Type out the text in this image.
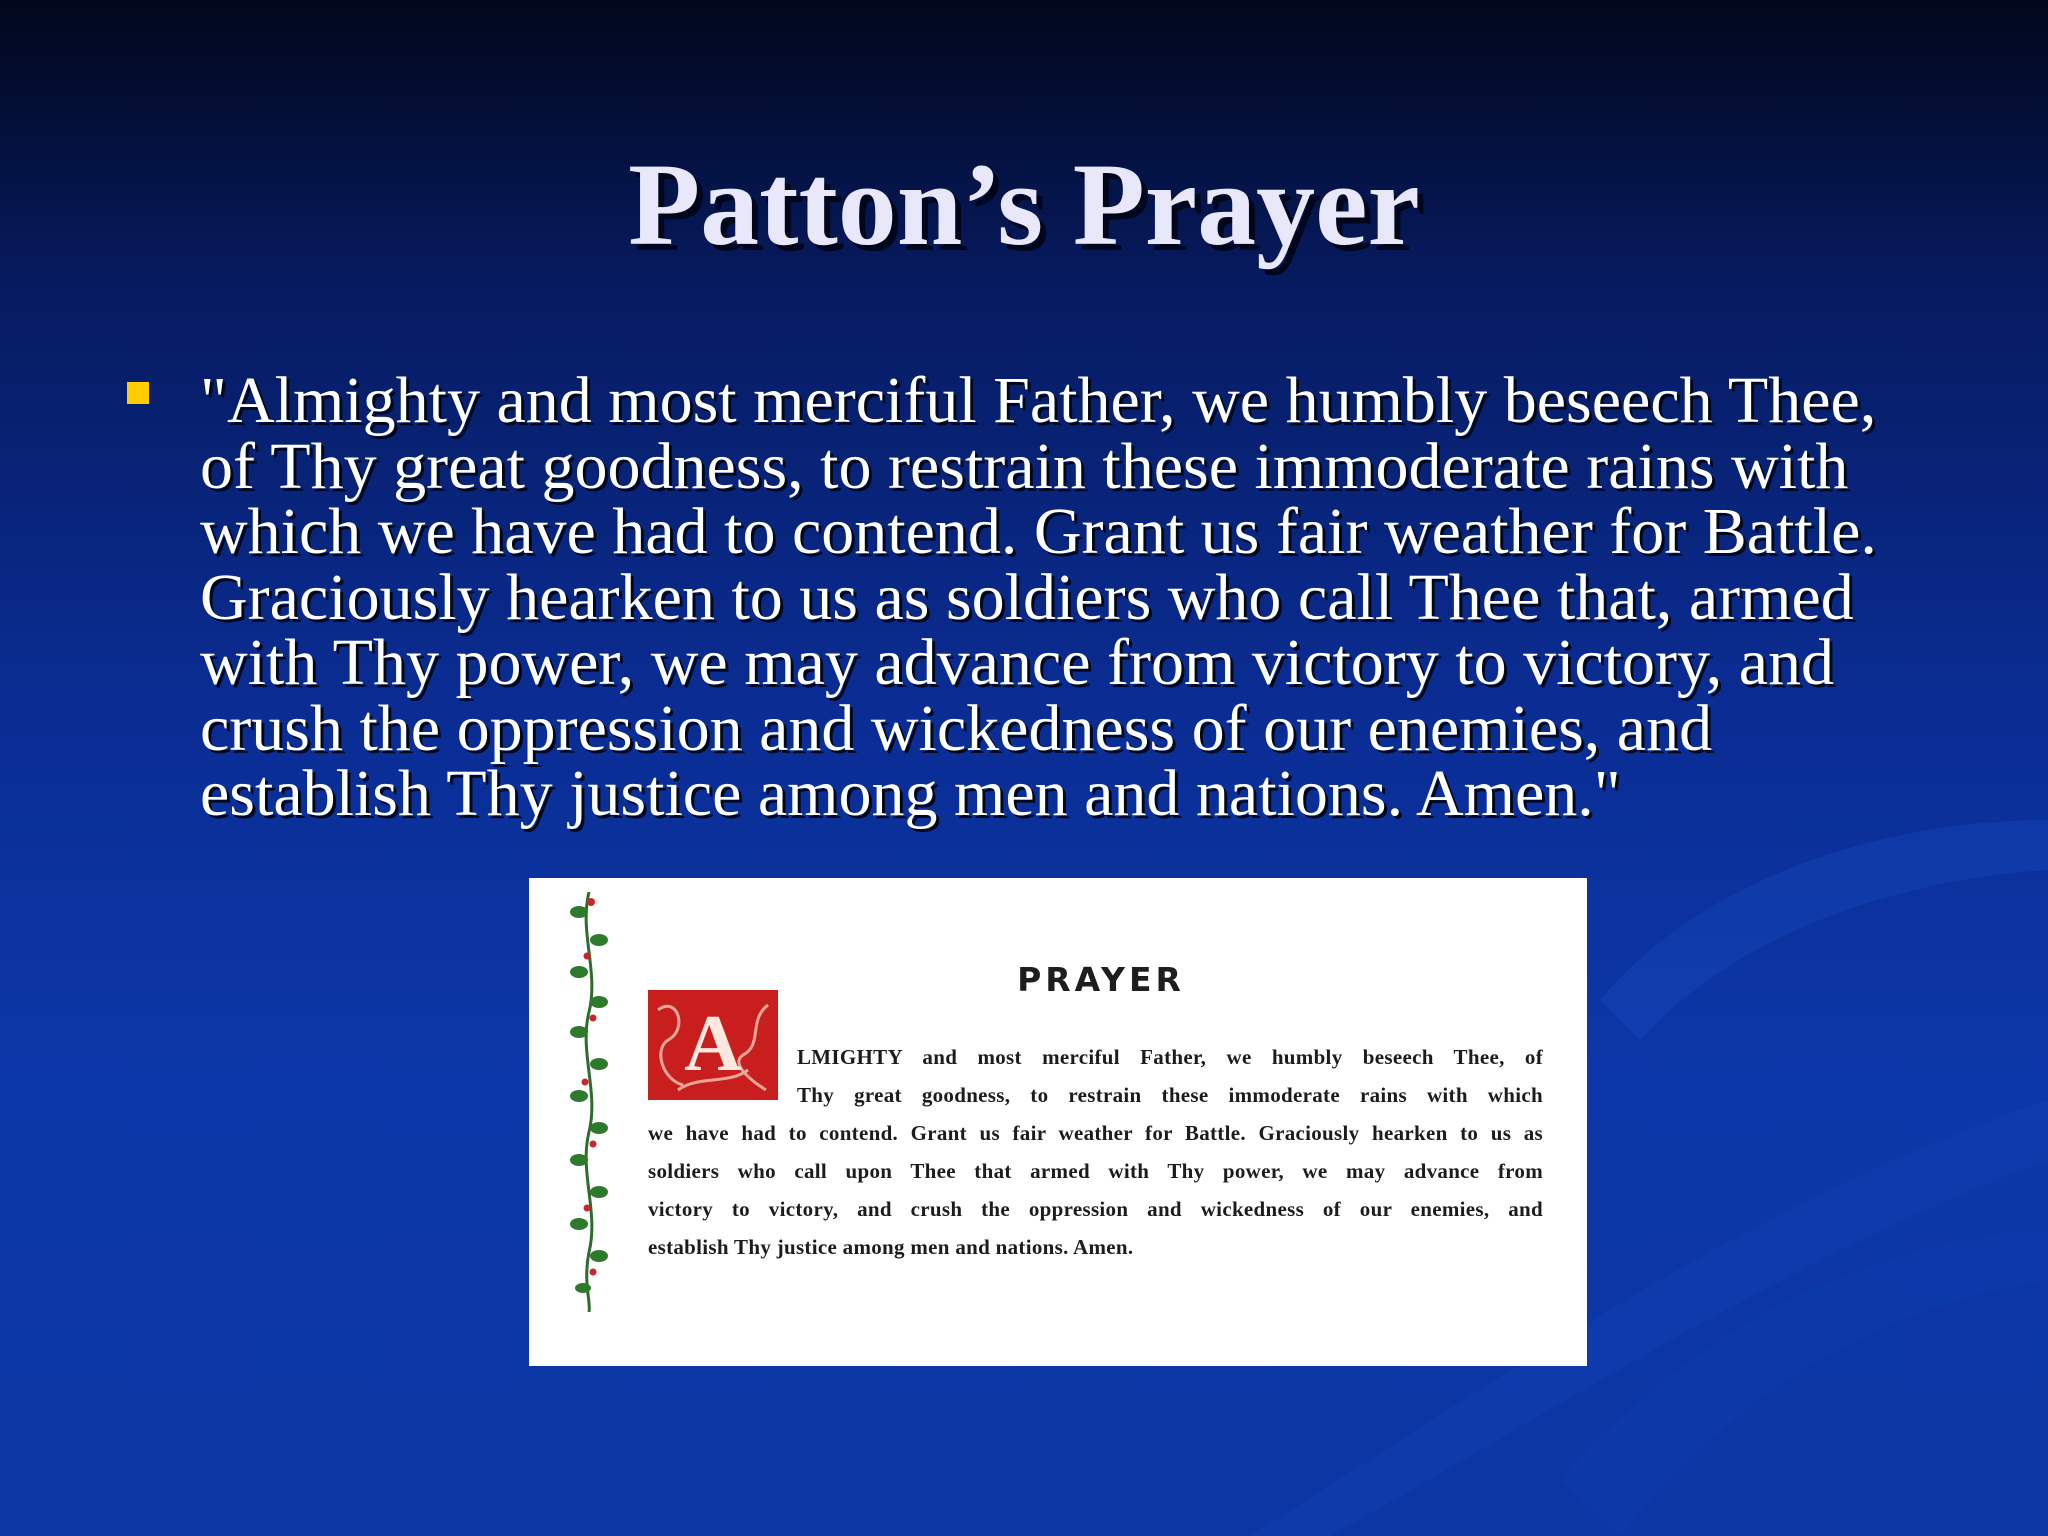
Patton’s Prayer

"Almighty and most merciful Father, we humbly beseech Thee, of Thy great goodness, to restrain these immoderate rains with which we have had to contend. Grant us fair weather for Battle. Graciously hearken to us as soldiers who call Thee that, armed with Thy power, we may advance from victory to victory, and crush the oppression and wickedness of our enemies, and establish Thy justice among men and nations. Amen."

PRAYER

A	LMIGHTY and most merciful Father, we humbly beseech Thee, of

Thy great goodness, to restrain these immoderate rains with which

we have had to contend. Grant us fair weather for Battle. Graciously hearken to us as

soldiers who call upon Thee that armed with Thy power, we may advance from

victory to victory, and crush the oppression and wickedness of our enemies, and

establish Thy justice among men and nations. Amen.
